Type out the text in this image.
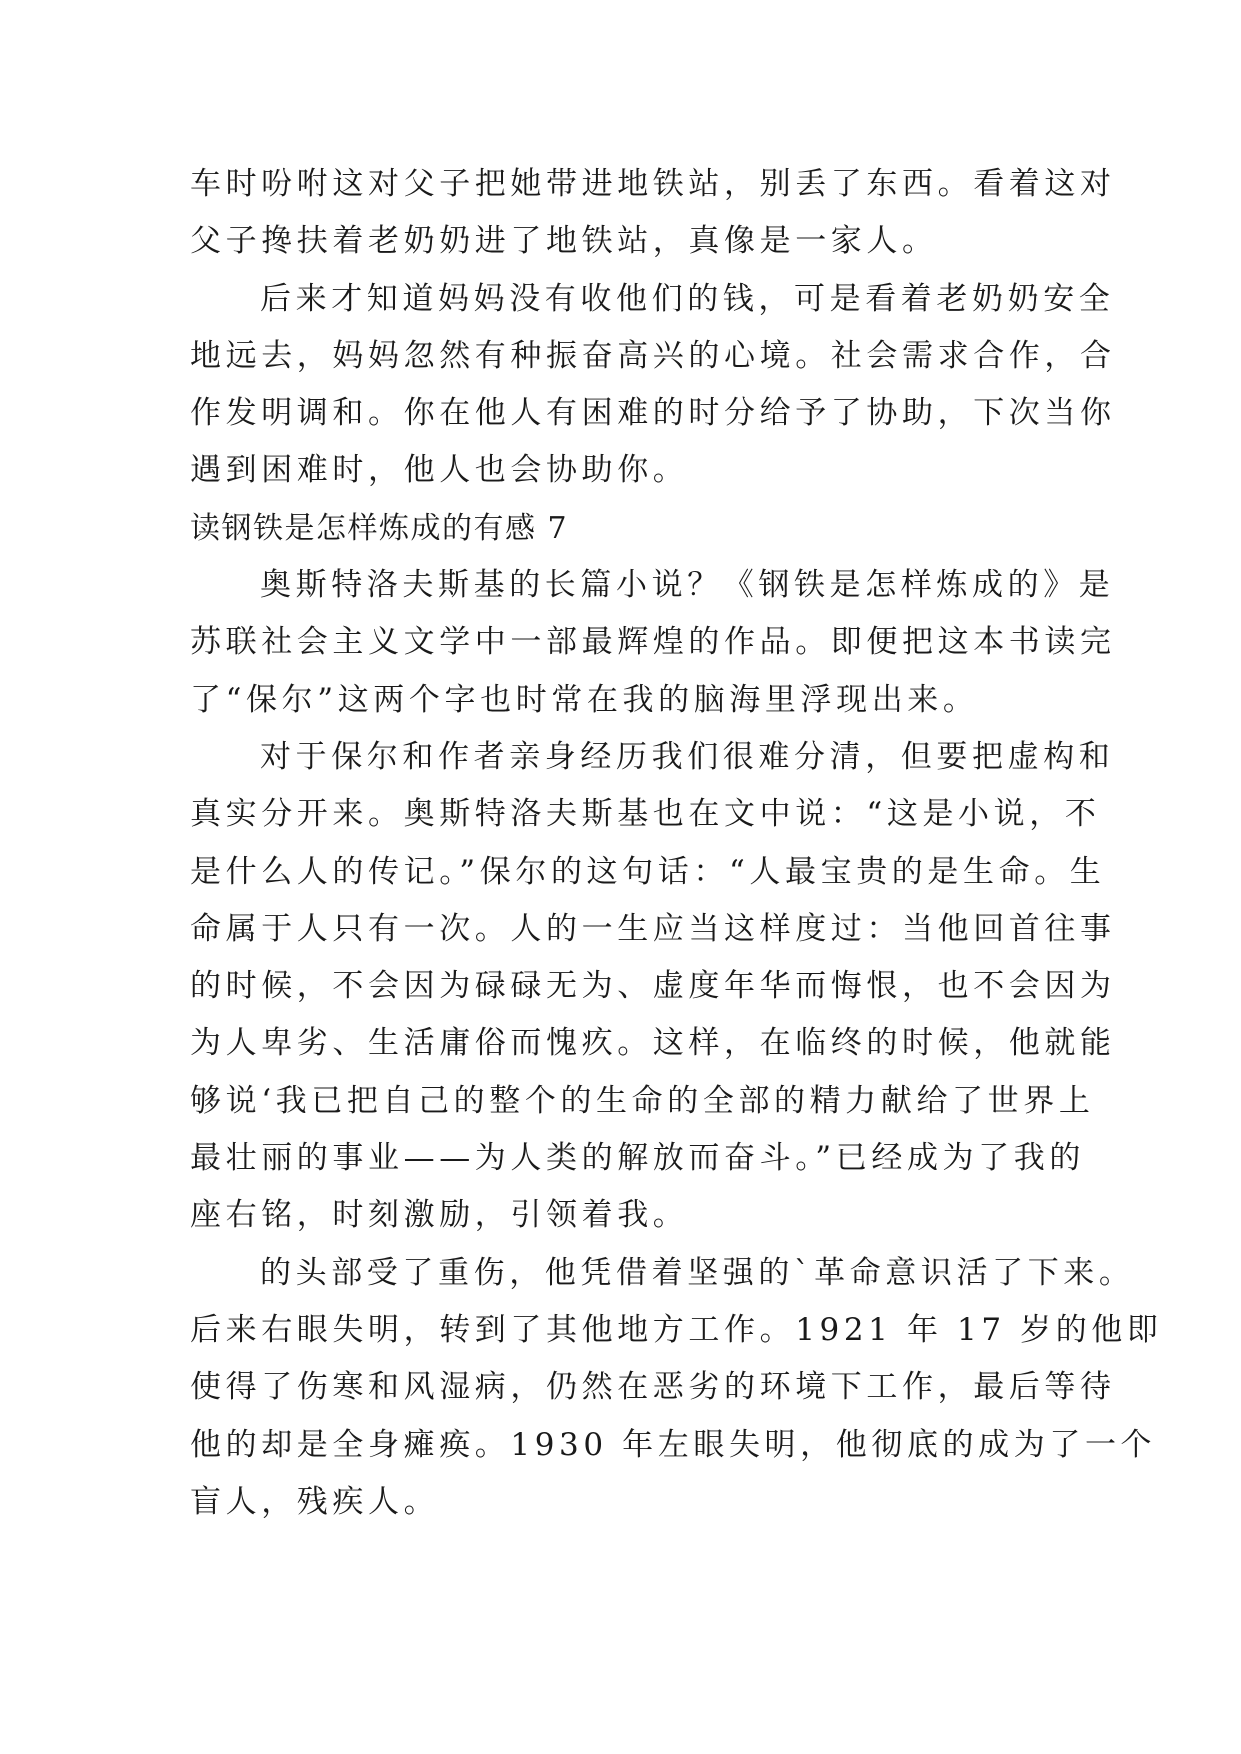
车时吩咐这对父子把她带进地铁站，别丢了东西。看着这对
父子搀扶着老奶奶进了地铁站，真像是一家人。
后来才知道妈妈没有收他们的钱，可是看着老奶奶安全
地远去，妈妈忽然有种振奋高兴的心境。社会需求合作，合
作发明调和。你在他人有困难的时分给予了协助，下次当你
遇到困难时，他人也会协助你。
读钢铁是怎样炼成的有感 7
奥斯特洛夫斯基的长篇小说？《钢铁是怎样炼成的》是
苏联社会主义文学中一部最辉煌的作品。即便把这本书读完
了“保尔”这两个字也时常在我的脑海里浮现出来。
对于保尔和作者亲身经历我们很难分清，但要把虚构和
真实分开来。奥斯特洛夫斯基也在文中说：“这是小说，不
是什么人的传记。”保尔的这句话：“人最宝贵的是生命。生
命属于人只有一次。人的一生应当这样度过：当他回首往事
的时候，不会因为碌碌无为、虚度年华而悔恨，也不会因为
为人卑劣、生活庸俗而愧疚。这样，在临终的时候，他就能
够说‘我已把自己的整个的生命的全部的精力献给了世界上
最壮丽的事业——为人类的解放而奋斗。”已经成为了我的
座右铭，时刻激励，引领着我。
的头部受了重伤，他凭借着坚强的`革命意识活了下来。
后来右眼失明，转到了其他地方工作。1921 年 17 岁的他即
使得了伤寒和风湿病，仍然在恶劣的环境下工作，最后等待
他的却是全身瘫痪。1930 年左眼失明，他彻底的成为了一个
盲人，残疾人。
